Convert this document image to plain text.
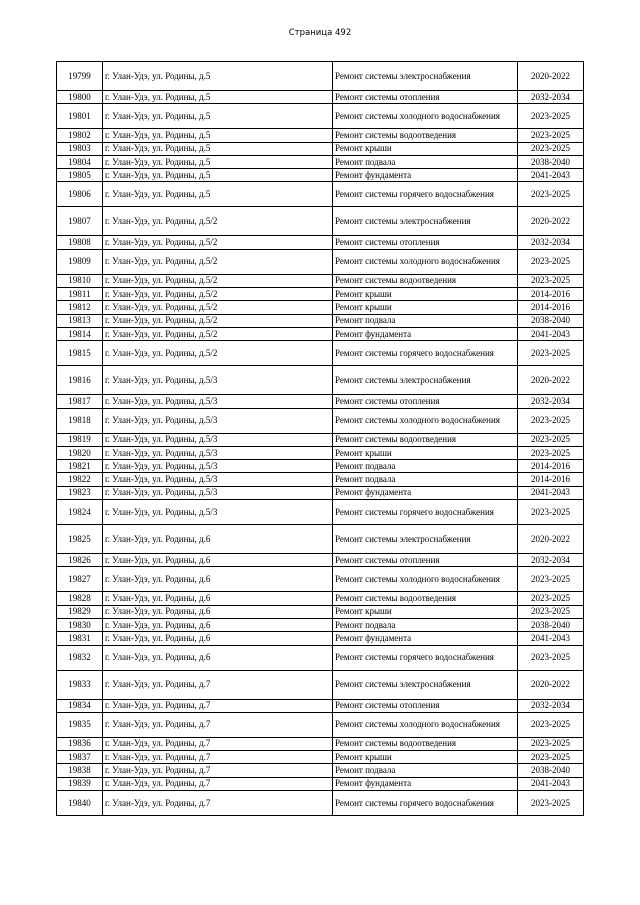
Страница 492
19799	г. Улан-Удэ, ул. Родины, д.5	Ремонт системы электроснабжения	2020-2022
19800	г. Улан-Удэ, ул. Родины, д.5	Ремонт системы отопления	2032-2034
19801	г. Улан-Удэ, ул. Родины, д.5	Ремонт системы холодного водоснабжения	2023-2025
19802	г. Улан-Удэ, ул. Родины, д.5	Ремонт системы водоотведения	2023-2025
19803	г. Улан-Удэ, ул. Родины, д.5	Ремонт крыши	2023-2025
19804	г. Улан-Удэ, ул. Родины, д.5	Ремонт подвала	2038-2040
19805	г. Улан-Удэ, ул. Родины, д.5	Ремонт фундамента	2041-2043
19806	г. Улан-Удэ, ул. Родины, д.5	Ремонт системы горячего водоснабжения	2023-2025
19807	г. Улан-Удэ, ул. Родины, д.5/2	Ремонт системы электроснабжения	2020-2022
19808	г. Улан-Удэ, ул. Родины, д.5/2	Ремонт системы отопления	2032-2034
19809	г. Улан-Удэ, ул. Родины, д.5/2	Ремонт системы холодного водоснабжения	2023-2025
19810	г. Улан-Удэ, ул. Родины, д.5/2	Ремонт системы водоотведения	2023-2025
19811	г. Улан-Удэ, ул. Родины, д.5/2	Ремонт крыши	2014-2016
19812	г. Улан-Удэ, ул. Родины, д.5/2	Ремонт крыши	2014-2016
19813	г. Улан-Удэ, ул. Родины, д.5/2	Ремонт подвала	2038-2040
19814	г. Улан-Удэ, ул. Родины, д.5/2	Ремонт фундамента	2041-2043
19815	г. Улан-Удэ, ул. Родины, д.5/2	Ремонт системы горячего водоснабжения	2023-2025
19816	г. Улан-Удэ, ул. Родины, д.5/3	Ремонт системы электроснабжения	2020-2022
19817	г. Улан-Удэ, ул. Родины, д.5/3	Ремонт системы отопления	2032-2034
19818	г. Улан-Удэ, ул. Родины, д.5/3	Ремонт системы холодного водоснабжения	2023-2025
19819	г. Улан-Удэ, ул. Родины, д.5/3	Ремонт системы водоотведения	2023-2025
19820	г. Улан-Удэ, ул. Родины, д.5/3	Ремонт крыши	2023-2025
19821	г. Улан-Удэ, ул. Родины, д.5/3	Ремонт подвала	2014-2016
19822	г. Улан-Удэ, ул. Родины, д.5/3	Ремонт подвала	2014-2016
19823	г. Улан-Удэ, ул. Родины, д.5/3	Ремонт фундамента	2041-2043
19824	г. Улан-Удэ, ул. Родины, д.5/3	Ремонт системы горячего водоснабжения	2023-2025
19825	г. Улан-Удэ, ул. Родины, д.6	Ремонт системы электроснабжения	2020-2022
19826	г. Улан-Удэ, ул. Родины, д.6	Ремонт системы отопления	2032-2034
19827	г. Улан-Удэ, ул. Родины, д.6	Ремонт системы холодного водоснабжения	2023-2025
19828	г. Улан-Удэ, ул. Родины, д.6	Ремонт системы водоотведения	2023-2025
19829	г. Улан-Удэ, ул. Родины, д.6	Ремонт крыши	2023-2025
19830	г. Улан-Удэ, ул. Родины, д.6	Ремонт подвала	2038-2040
19831	г. Улан-Удэ, ул. Родины, д.6	Ремонт фундамента	2041-2043
19832	г. Улан-Удэ, ул. Родины, д.6	Ремонт системы горячего водоснабжения	2023-2025
19833	г. Улан-Удэ, ул. Родины, д.7	Ремонт системы электроснабжения	2020-2022
19834	г. Улан-Удэ, ул. Родины, д.7	Ремонт системы отопления	2032-2034
19835	г. Улан-Удэ, ул. Родины, д.7	Ремонт системы холодного водоснабжения	2023-2025
19836	г. Улан-Удэ, ул. Родины, д.7	Ремонт системы водоотведения	2023-2025
19837	г. Улан-Удэ, ул. Родины, д.7	Ремонт крыши	2023-2025
19838	г. Улан-Удэ, ул. Родины, д.7	Ремонт подвала	2038-2040
19839	г. Улан-Удэ, ул. Родины, д.7	Ремонт фундамента	2041-2043
19840	г. Улан-Удэ, ул. Родины, д.7	Ремонт системы горячего водоснабжения	2023-2025
